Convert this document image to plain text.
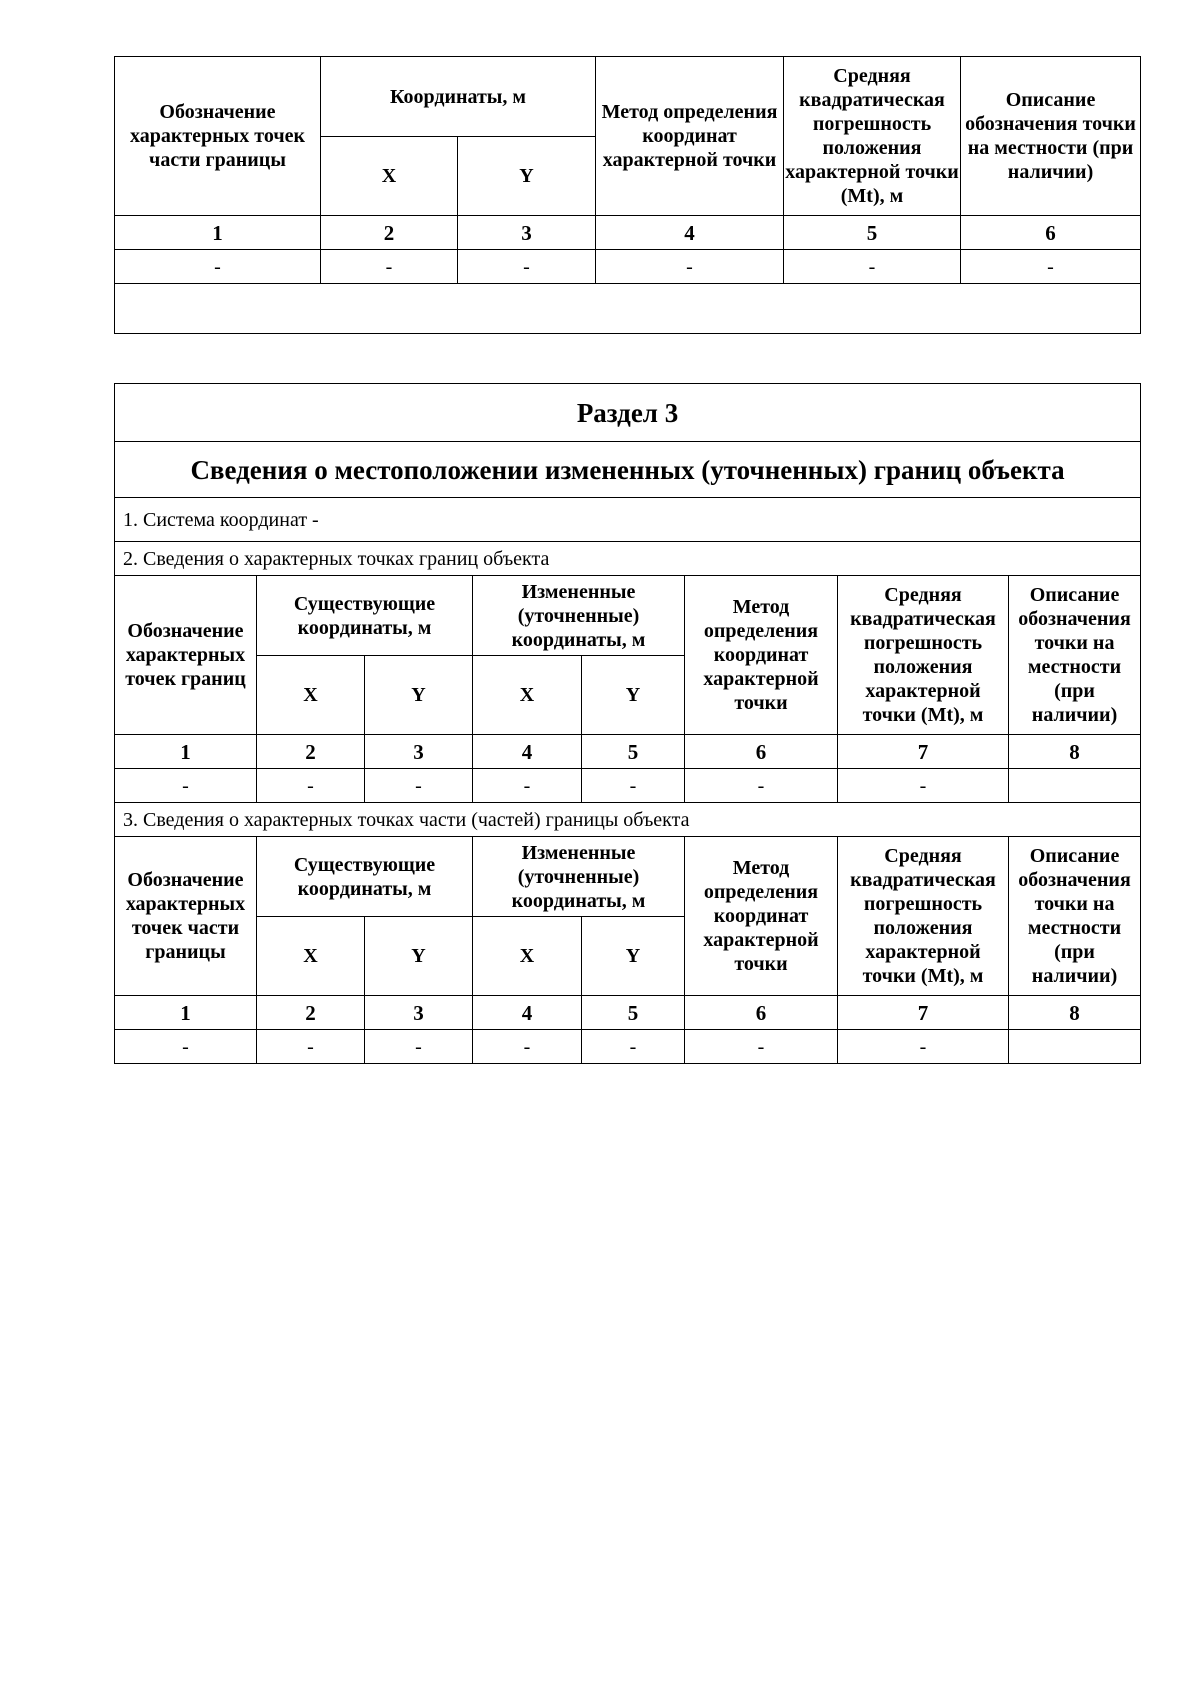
Обозначение характерных точек части границы	Координаты, м		Метод определения координат характерной точки	Средняя квадратическая погрешность положения характерной точки (Mt), м	Описание обозначения точки на местности (при наличии)
	X	Y			
1	2	3	4	5	6
-	-	-	-	-	-

Раздел 3							
Сведения о местоположении измененных (уточненных) границ объекта							
1. Система координат -							
2. Сведения о характерных точках границ объекта							
Обозначение характерных точек границ	Существующие координаты, м		Измененные (уточненные) координаты, м		Метод определения координат характерной точки	Средняя квадратическая погрешность положения характерной точки (Mt), м	Описание обозначения точки на местности (при наличии)
	X	Y	X	Y			
1	2	3	4	5	6	7	8
-	-	-	-	-	-	-	
3. Сведения о характерных точках части (частей) границы объекта							
Обозначение характерных точек части границы	Существующие координаты, м		Измененные (уточненные) координаты, м		Метод определения координат характерной точки	Средняя квадратическая погрешность положения характерной точки (Mt), м	Описание обозначения точки на местности (при наличии)
	X	Y	X	Y			
1	2	3	4	5	6	7	8
-	-	-	-	-	-	-	
